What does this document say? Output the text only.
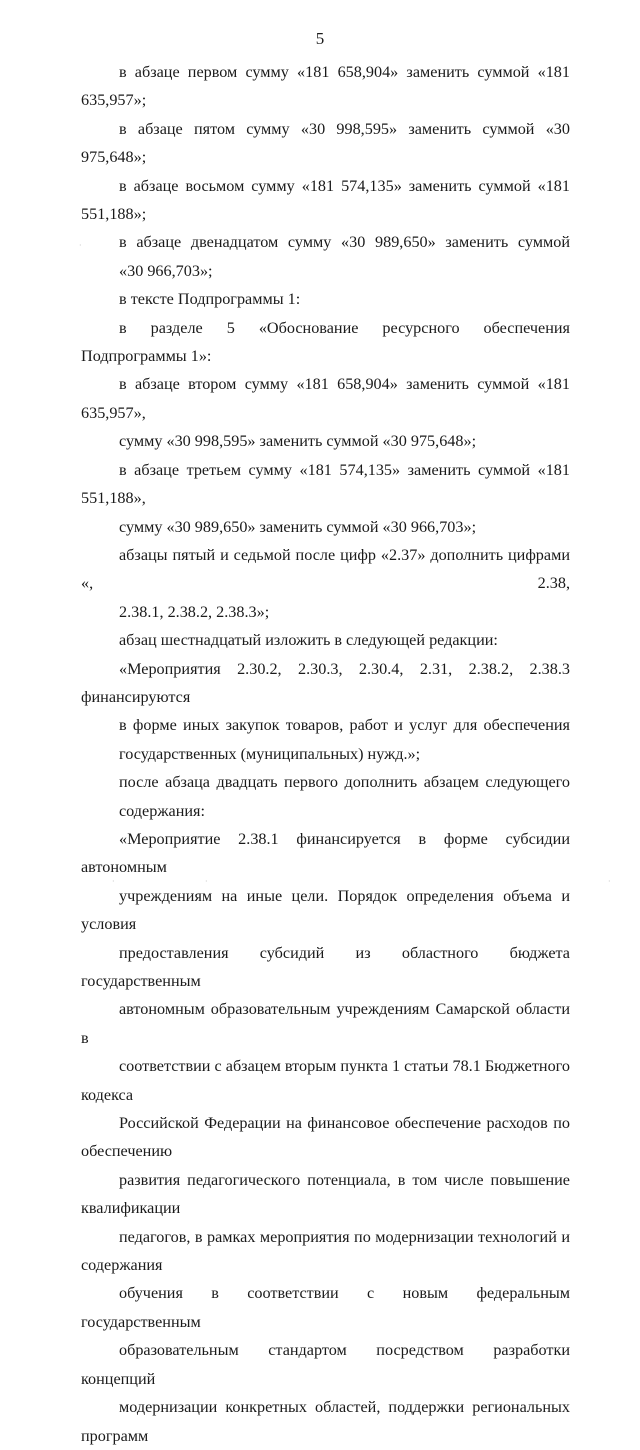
5
в абзаце первом сумму «181 658,904» заменить суммой «181 635,957»;
в абзаце пятом сумму «30 998,595» заменить суммой «30 975,648»;
в абзаце восьмом сумму «181 574,135» заменить суммой «181 551,188»;
в абзаце двенадцатом сумму «30 989,650» заменить суммой
«30 966,703»;
в тексте Подпрограммы 1:
в разделе 5 «Обоснование ресурсного обеспечения Подпрограммы 1»:
в абзаце втором сумму «181 658,904» заменить суммой «181 635,957»,
сумму «30 998,595» заменить суммой «30 975,648»;
в абзаце третьем сумму «181 574,135» заменить суммой «181 551,188»,
сумму «30 989,650» заменить суммой «30 966,703»;
абзацы пятый и седьмой после цифр «2.37» дополнить цифрами «, 2.38,
2.38.1, 2.38.2, 2.38.3»;
абзац шестнадцатый изложить в следующей редакции:
«Мероприятия 2.30.2, 2.30.3, 2.30.4, 2.31, 2.38.2, 2.38.3 финансируются
в форме иных закупок товаров, работ и услуг для обеспечения
государственных (муниципальных) нужд.»;
после абзаца двадцать первого дополнить абзацем следующего
содержания:
«Мероприятие 2.38.1 финансируется в форме субсидии автономным
учреждениям на иные цели. Порядок определения объема и условия
предоставления субсидий из областного бюджета государственным
автономным образовательным учреждениям Самарской области в
соответствии с абзацем вторым пункта 1 статьи 78.1 Бюджетного кодекса
Российской Федерации на финансовое обеспечение расходов по обеспечению
развития педагогического потенциала, в том числе повышение квалификации
педагогов, в рамках мероприятия по модернизации технологий и содержания
обучения в соответствии с новым федеральным государственным
образовательным стандартом посредством разработки концепций
модернизации конкретных областей, поддержки региональных программ
·
·	·	·
